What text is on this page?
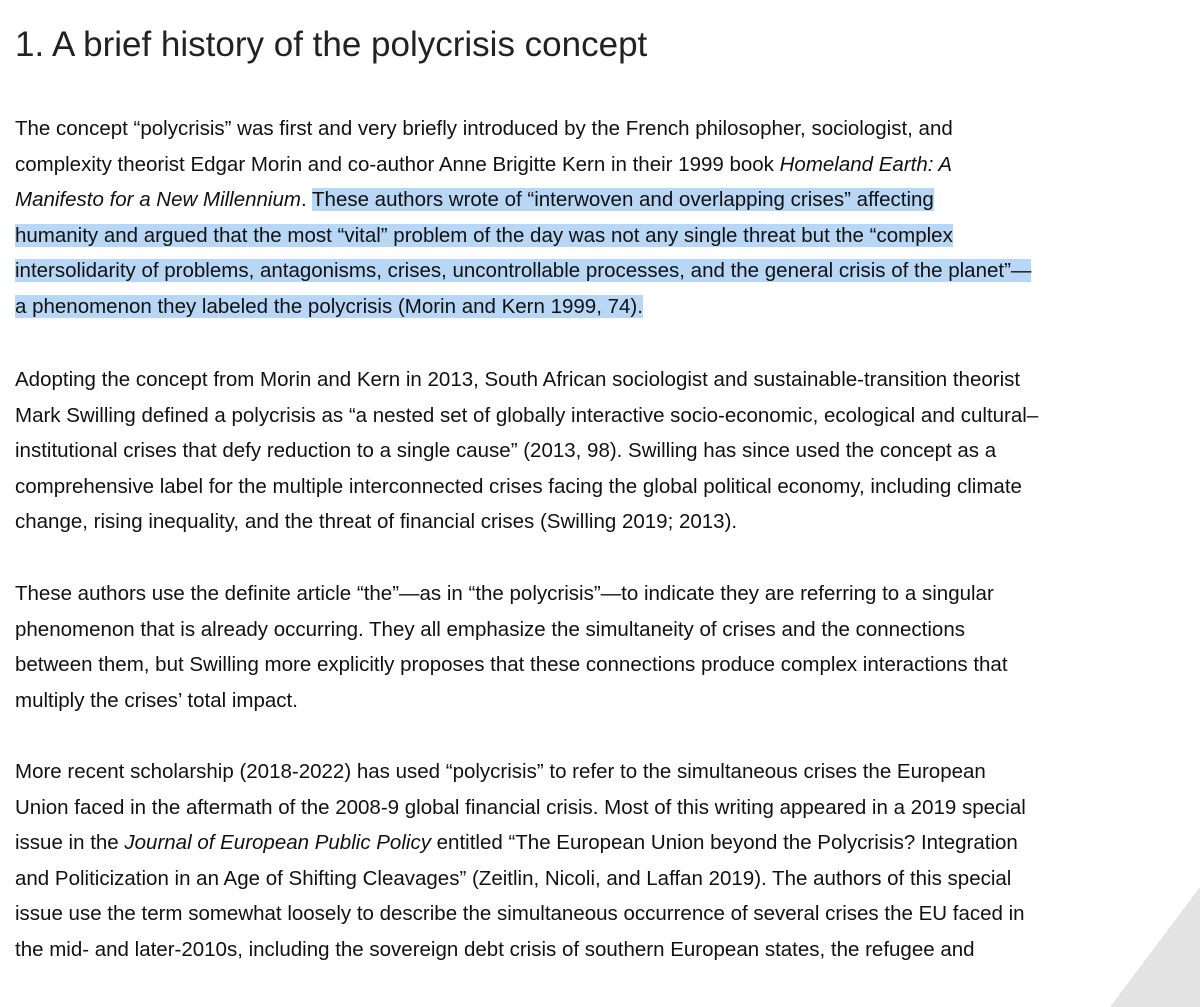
1. A brief history of the polycrisis concept
The concept “polycrisis” was first and very briefly introduced by the French philosopher, sociologist, and
complexity theorist Edgar Morin and co-author Anne Brigitte Kern in their 1999 book Homeland Earth: A
Manifesto for a New Millennium. These authors wrote of “interwoven and overlapping crises” affecting
humanity and argued that the most “vital” problem of the day was not any single threat but the “complex
intersolidarity of problems, antagonisms, crises, uncontrollable processes, and the general crisis of the planet”—
a phenomenon they labeled the polycrisis (Morin and Kern 1999, 74).
Adopting the concept from Morin and Kern in 2013, South African sociologist and sustainable-transition theorist
Mark Swilling defined a polycrisis as “a nested set of globally interactive socio-economic, ecological and cultural–
institutional crises that defy reduction to a single cause” (2013, 98). Swilling has since used the concept as a
comprehensive label for the multiple interconnected crises facing the global political economy, including climate
change, rising inequality, and the threat of financial crises (Swilling 2019; 2013).
These authors use the definite article “the”—as in “the polycrisis”—to indicate they are referring to a singular
phenomenon that is already occurring. They all emphasize the simultaneity of crises and the connections
between them, but Swilling more explicitly proposes that these connections produce complex interactions that
multiply the crises’ total impact.
More recent scholarship (2018-2022) has used “polycrisis” to refer to the simultaneous crises the European
Union faced in the aftermath of the 2008-9 global financial crisis. Most of this writing appeared in a 2019 special
issue in the Journal of European Public Policy entitled “The European Union beyond the Polycrisis? Integration
and Politicization in an Age of Shifting Cleavages” (Zeitlin, Nicoli, and Laffan 2019). The authors of this special
issue use the term somewhat loosely to describe the simultaneous occurrence of several crises the EU faced in
the mid- and later-2010s, including the sovereign debt crisis of southern European states, the refugee and
